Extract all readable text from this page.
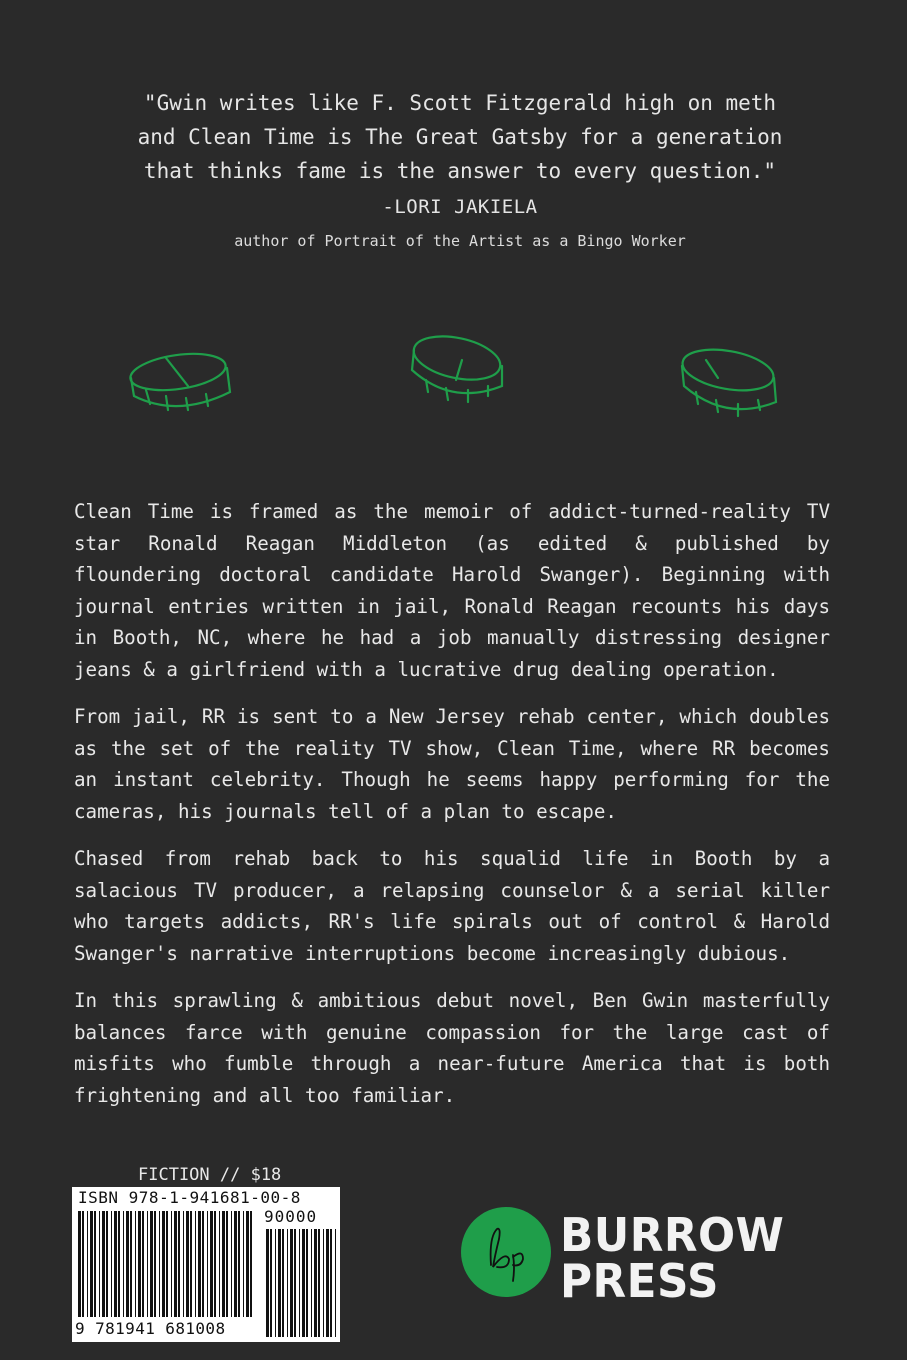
"Gwin writes like F. Scott Fitzgerald high on meth
and Clean Time is The Great Gatsby for a generation
that thinks fame is the answer to every question."
-LORI JAKIELA
author of Portrait of the Artist as a Bingo Worker

Clean Time is framed as the memoir of addict-turned-reality TV star Ronald Reagan Middleton (as edited & published by floundering doctoral candidate Harold Swanger). Beginning with journal entries written in jail, Ronald Reagan recounts his days in Booth, NC, where he had a job manually distressing designer jeans & a girlfriend with a lucrative drug dealing operation.

From jail, RR is sent to a New Jersey rehab center, which doubles as the set of the reality TV show, Clean Time, where RR becomes an instant celebrity. Though he seems happy performing for the cameras, his journals tell of a plan to escape.

Chased from rehab back to his squalid life in Booth by a salacious TV producer, a relapsing counselor & a serial killer who targets addicts, RR's life spirals out of control & Harold Swanger's narrative interruptions become increasingly dubious.

In this sprawling & ambitious debut novel, Ben Gwin masterfully balances farce with genuine compassion for the large cast of misfits who fumble through a near-future America that is both frightening and all too familiar.

FICTION // $18
ISBN 978-1-941681-00-8
90000
9 781941 681008
BURROW
PRESS
